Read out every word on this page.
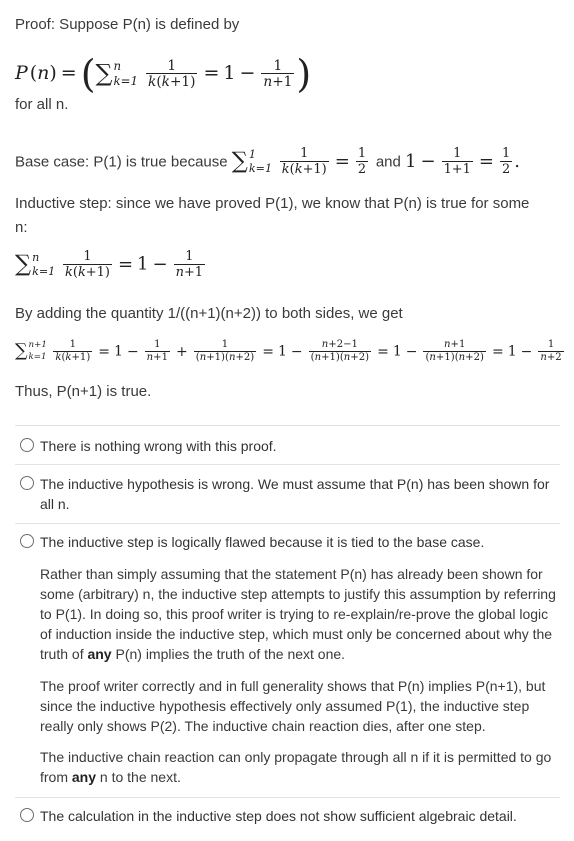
Proof: Suppose P(n) is defined by
P (n) = ( ∑ n
k=1
$\frac{1}{k(k+1)} = 1 - \frac{1}{n+1}$ )
for all n.
Base case: P(1) is true because ∑ 1
k=1
$\frac{1}{k(k+1)} = \frac{1}{2}$ and $1 - \frac{1}{1+1} = \frac{1}{2}$ .
Inductive step: since we have proved P(1), we know that P(n) is true for some
n:
∑ n
k=1
$\frac{1}{k(k+1)} = 1 - \frac{1}{n+1}$
By adding the quantity 1/((n+1)(n+2)) to both sides, we get
∑ n+1
k=1
$\frac{1}{k(k+1)} = 1 - \frac{1}{n+1} + \frac{1}{(n+1)(n+2)} = 1 - \frac{n+2-1}{(n+1)(n+2)} = 1 - \frac{n+1}{(n+1)(n+2)} = 1 - \frac{1}{n+2}$
Thus, P(n+1) is true.
There is nothing wrong with this proof.
The inductive hypothesis is wrong. We must assume that P(n) has been shown for all n.
The inductive step is logically flawed because it is tied to the base case.
Rather than simply assuming that the statement P(n) has already been shown for some (arbitrary) n, the inductive step attempts to justify this assumption by referring to P(1). In doing so, this proof writer is trying to re-explain/re-prove the global logic of induction inside the inductive step, which must only be concerned about why the truth of any P(n) implies the truth of the next one.
The proof writer correctly and in full generality shows that P(n) implies P(n+1), but since the inductive hypothesis effectively only assumed P(1), the inductive step really only shows P(2). The inductive chain reaction dies, after one step.
The inductive chain reaction can only propagate through all n if it is permitted to go from any n to the next.
The calculation in the inductive step does not show sufficient algebraic detail.
